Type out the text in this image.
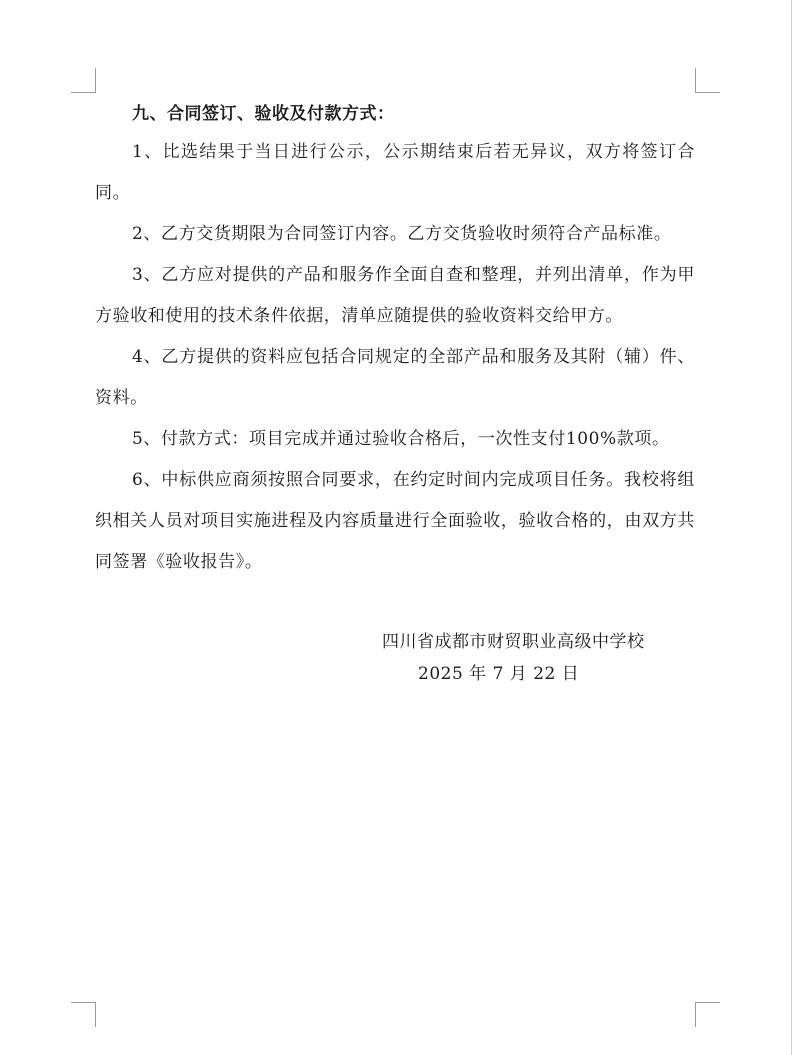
九、合同签订、验收及付款方式：

1、比选结果于当日进行公示，公示期结束后若无异议，双方将签订合同。

2、乙方交货期限为合同签订内容。乙方交货验收时须符合产品标准。

3、乙方应对提供的产品和服务作全面自查和整理，并列出清单，作为甲方验收和使用的技术条件依据，清单应随提供的验收资料交给甲方。

4、乙方提供的资料应包括合同规定的全部产品和服务及其附（辅）件、资料。

5、付款方式：项目完成并通过验收合格后，一次性支付100%款项。

6、中标供应商须按照合同要求，在约定时间内完成项目任务。我校将组织相关人员对项目实施进程及内容质量进行全面验收，验收合格的，由双方共同签署《验收报告》。

四川省成都市财贸职业高级中学校
2025 年 7 月 22 日
